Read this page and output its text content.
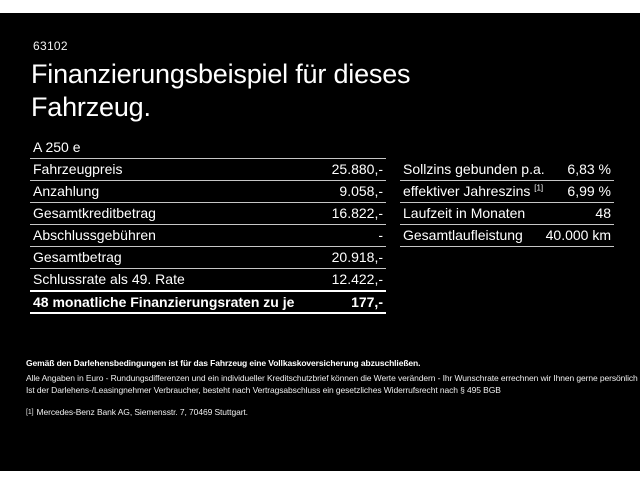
63102
Finanzierungsbeispiel für dieses
Fahrzeug.
A 250 e
Fahrzeugpreis	25.880,-
Anzahlung	9.058,-
Gesamtkreditbetrag	16.822,-
Abschlussgebühren	-
Gesamtbetrag	20.918,-
Schlussrate als 49. Rate	12.422,-
48 monatliche Finanzierungsraten zu je	177,-
Sollzins gebunden p.a. 6,83 %
effektiver Jahreszins [1] 6,99 %
Laufzeit in Monaten	48
Gesamtlaufleistung 40.000 km
Gemäß den Darlehensbedingungen ist für das Fahrzeug eine Vollkaskoversicherung abzuschließen.
Alle Angaben in Euro - Rundungsdifferenzen und ein individueller Kreditschutzbrief können die Werte verändern - Ihr Wunschrate errechnen wir Ihnen gerne persönlich
Ist der Darlehens-/Leasingnehmer Verbraucher, besteht nach Vertragsabschluss ein gesetzliches Widerrufsrecht nach § 495 BGB
[1] Mercedes-Benz Bank AG, Siemensstr. 7, 70469 Stuttgart.
